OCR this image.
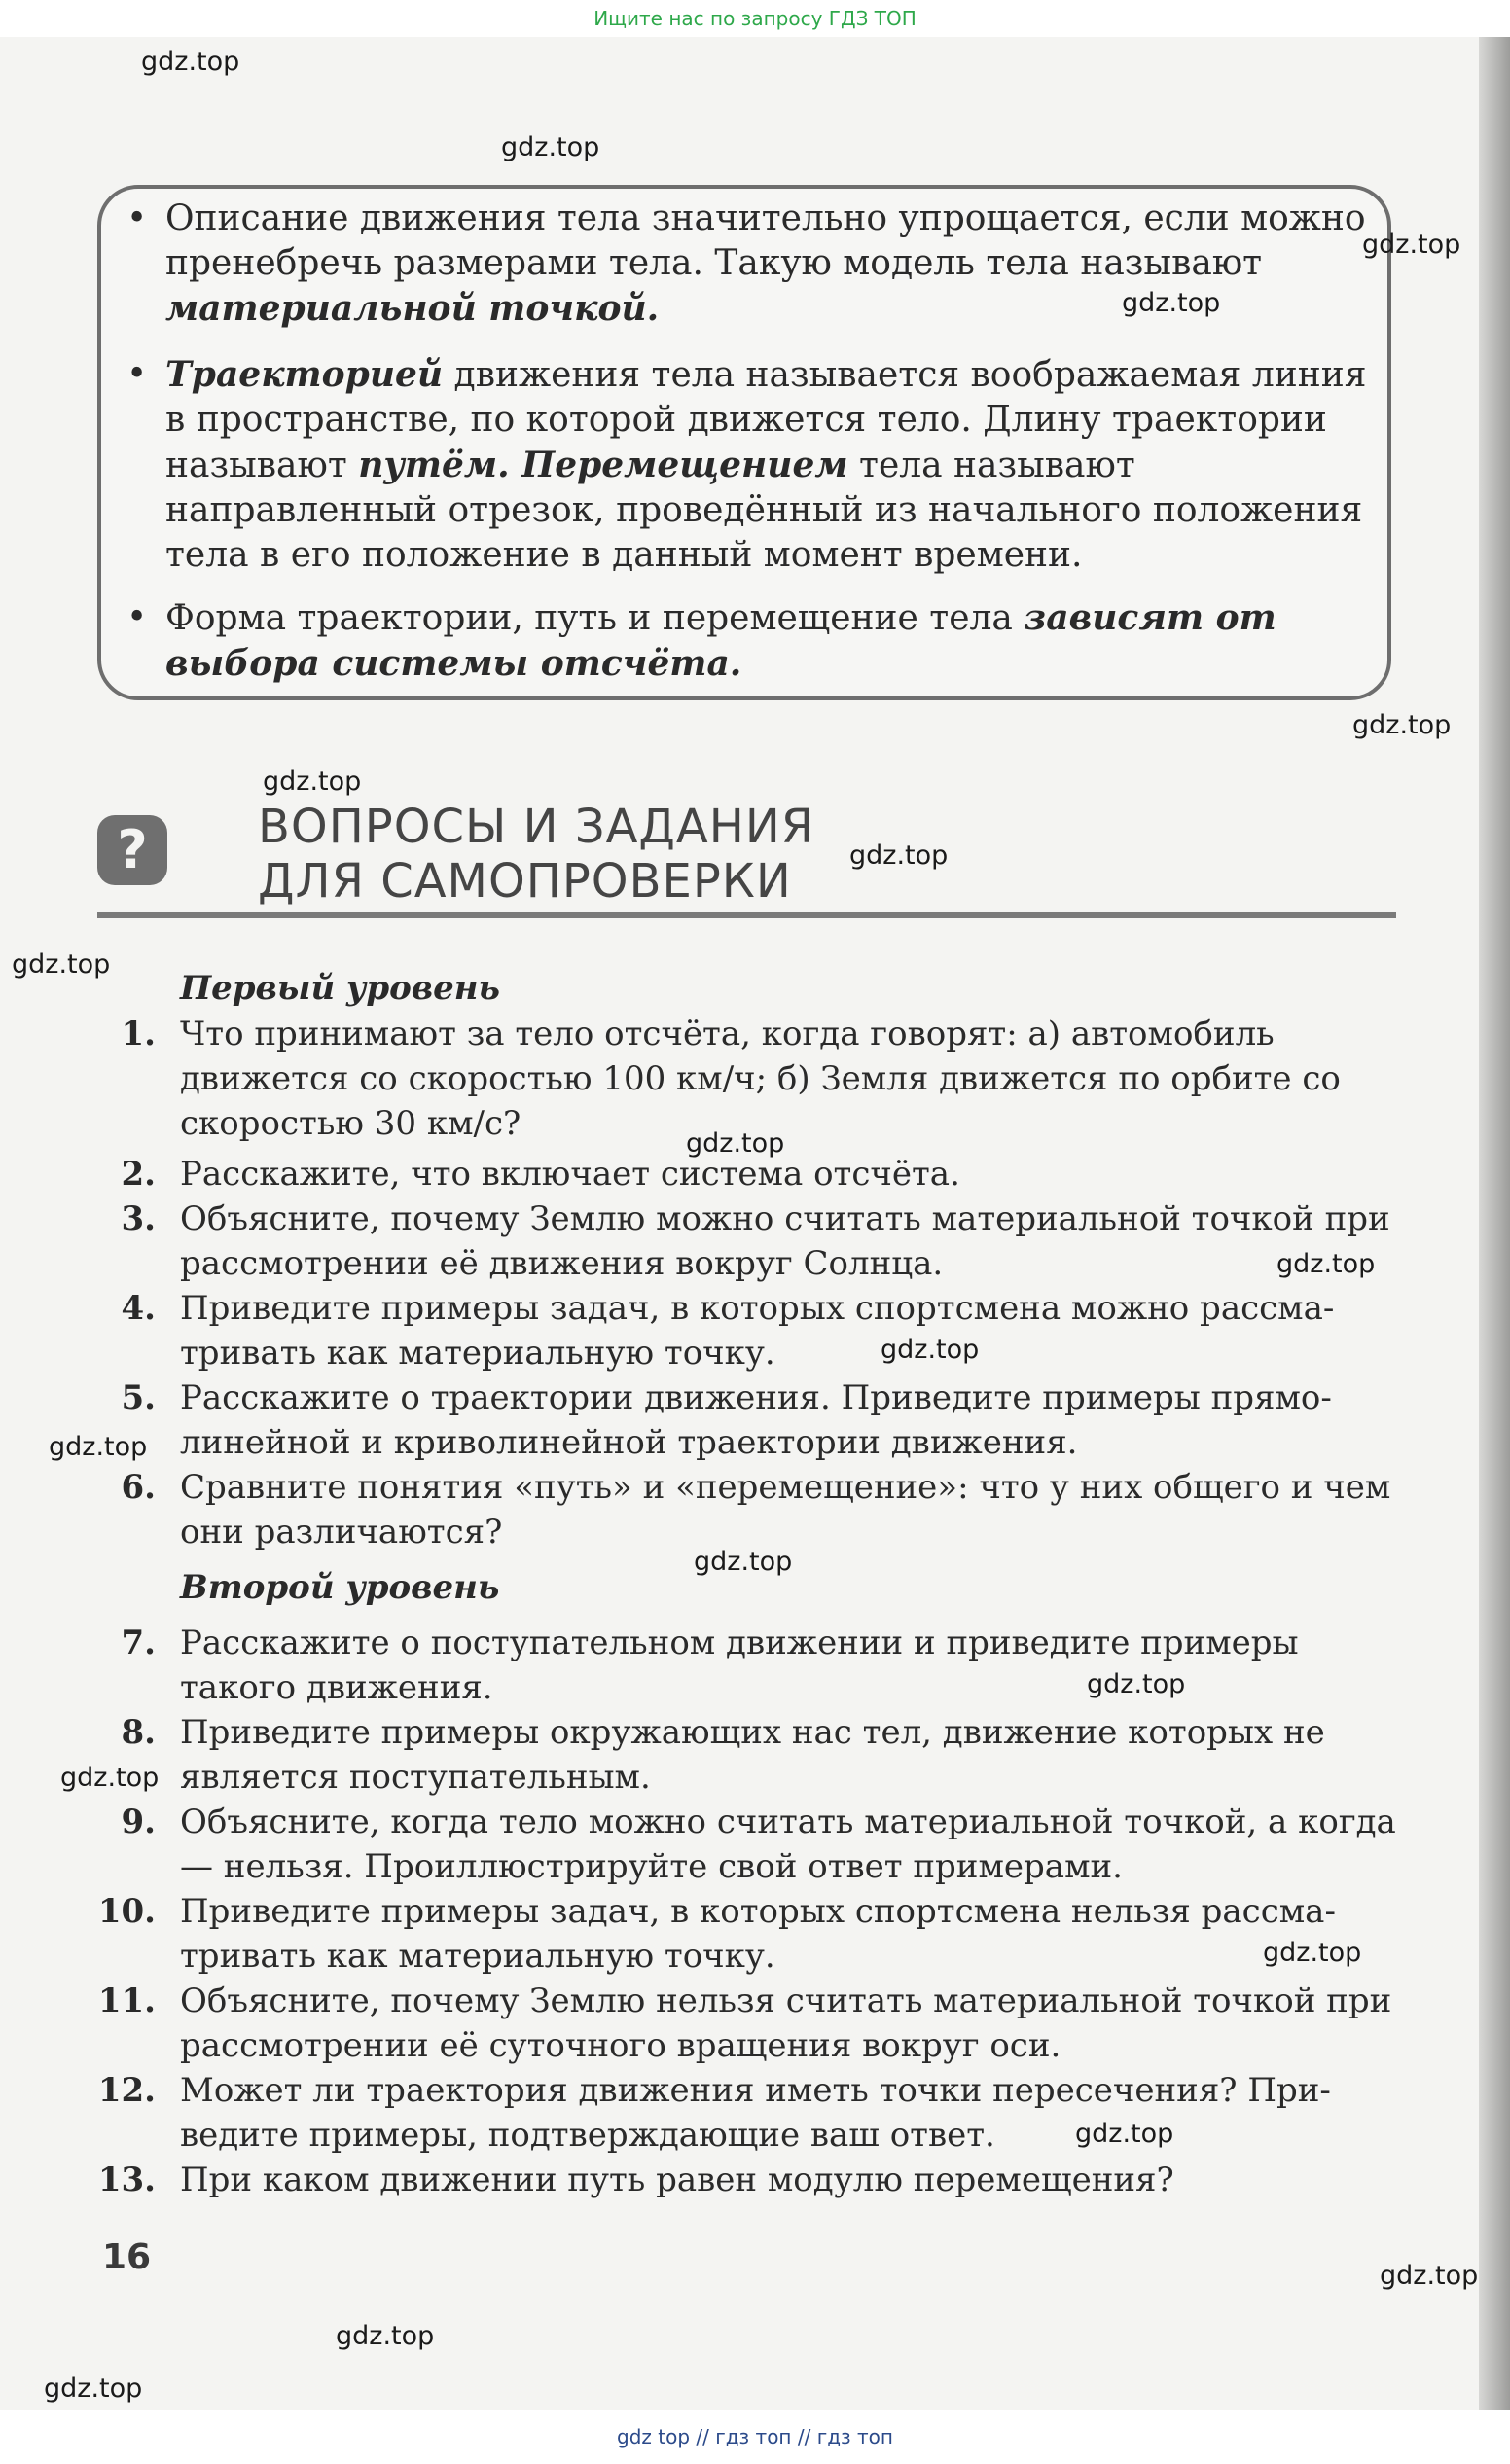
Ищите нас по запросу ГДЗ ТОП
• Описание движения тела значительно упрощается, если можно пренебречь размерами тела. Такую модель тела называют материальной точкой.
• Траекторией движения тела называется воображаемая линия в пространстве, по которой движется тело. Длину траектории называют путём. Перемещением тела называют направленный отрезок, проведённый из начального положения тела в его положение в данный момент времени.
• Форма траектории, путь и перемещение тела зависят от выбора системы отсчёта.
?	ВОПРОСЫ И ЗАДАНИЯ
ДЛЯ САМОПРОВЕРКИ
Первый уровень
1. Что принимают за тело отсчёта, когда говорят: а) автомобиль движется со скоростью 100 км/ч; б) Земля движется по орбите со скоростью 30 км/с?
2. Расскажите, что включает система отсчёта.
3. Объясните, почему Землю можно считать материальной точкой при рассмотрении её движения вокруг Солнца.
4. Приведите примеры задач, в которых спортсмена можно рассматривать как материальную точку.
5. Расскажите о траектории движения. Приведите примеры прямолинейной и криволинейной траектории движения.
6. Сравните понятия «путь» и «перемещение»: что у них общего и чем они различаются?
Второй уровень
7. Расскажите о поступательном движении и приведите примеры такого движения.
8. Приведите примеры окружающих нас тел, движение которых не является поступательным.
9. Объясните, когда тело можно считать материальной точкой, а когда — нельзя. Проиллюстрируйте свой ответ примерами.
10. Приведите примеры задач, в которых спортсмена нельзя рассматривать как материальную точку.
11. Объясните, почему Землю нельзя считать материальной точкой при рассмотрении её суточного вращения вокруг оси.
12. Может ли траектория движения иметь точки пересечения? Приведите примеры, подтверждающие ваш ответ.
13. При каком движении путь равен модулю перемещения?
16
gdz.top
gdz.top
gdz.top
gdz.top
gdz.top
gdz.top
gdz.top
gdz.top
gdz.top
gdz.top
gdz.top
gdz.top
gdz.top
gdz.top
gdz.top
gdz.top
gdz.top
gdz.top
gdz.top
gdz.top
gdz top // гдз топ // гдз топ
